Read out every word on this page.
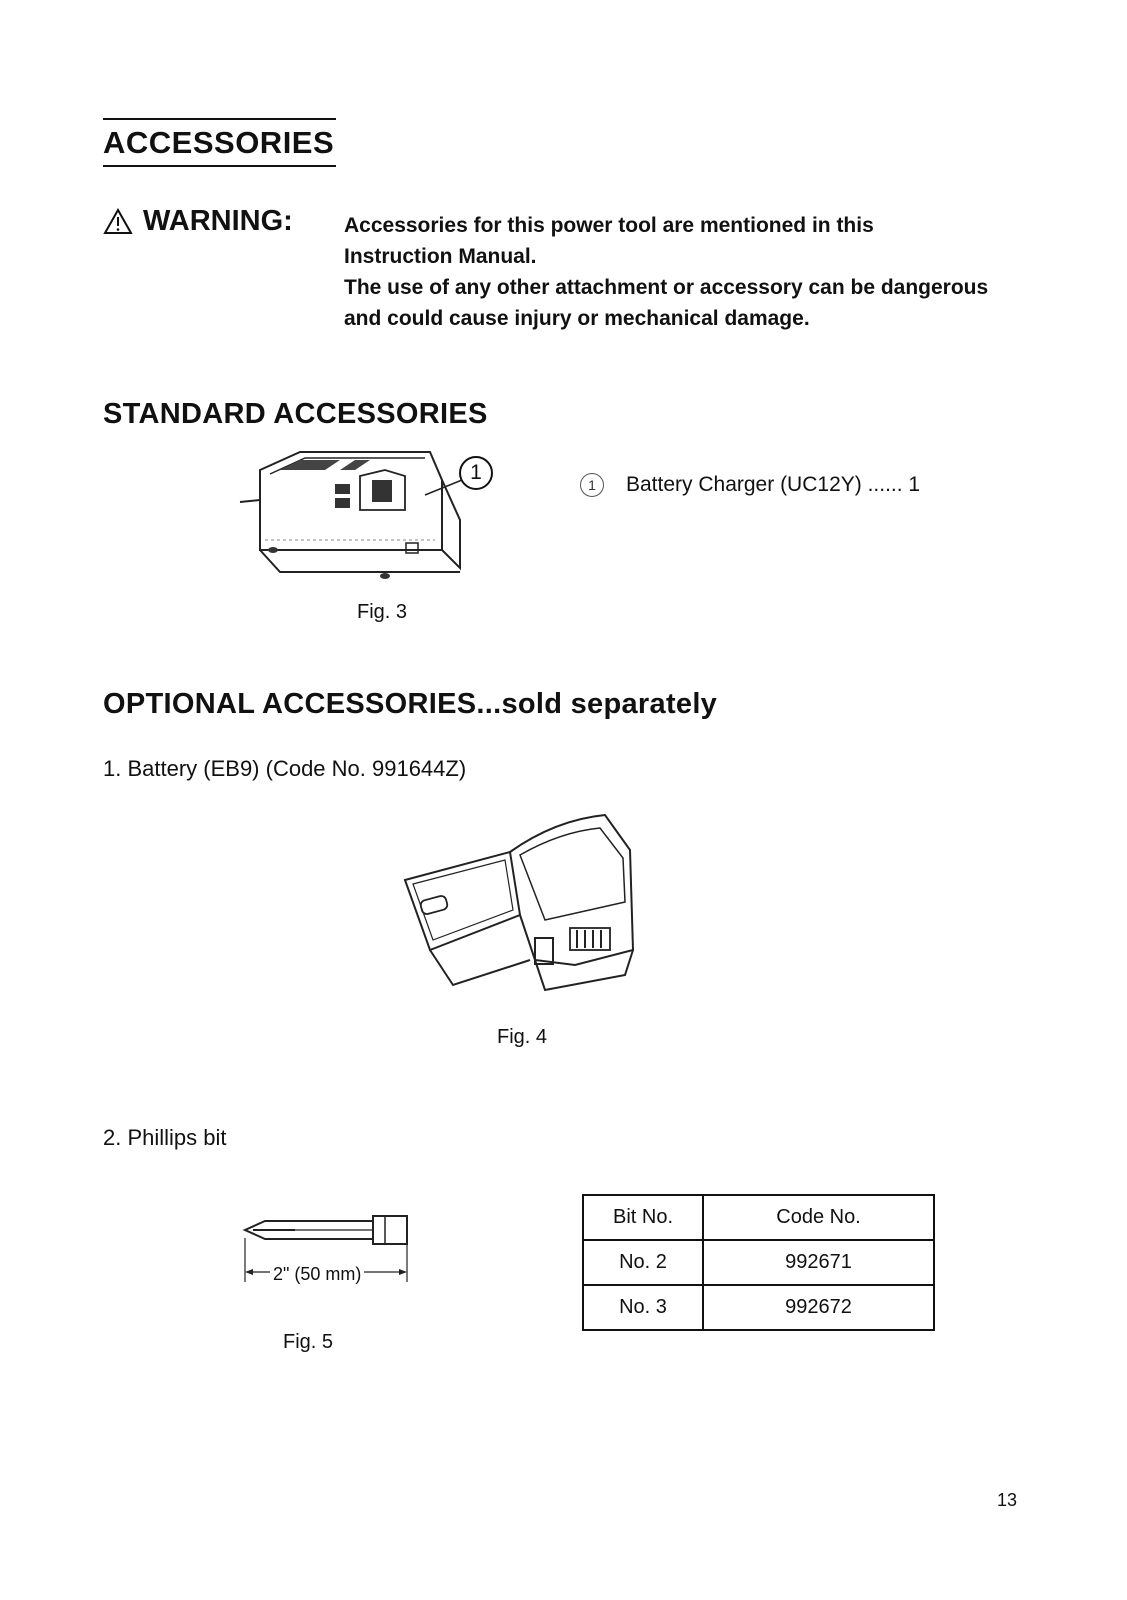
ACCESSORIES
WARNING: Accessories for this power tool are mentioned in this
Instruction Manual.
The use of any other attachment or accessory can be dangerous
and could cause injury or mechanical damage.
STANDARD ACCESSORIES
1
Fig. 3
1	Battery Charger (UC12Y) ...... 1
OPTIONAL ACCESSORIES...sold separately
1. Battery (EB9) (Code No. 991644Z)
Fig. 4
2. Phillips bit
2" (50 mm)
Fig. 5
Bit No.	Code No.
No. 2	992671
No. 3	992672
13
